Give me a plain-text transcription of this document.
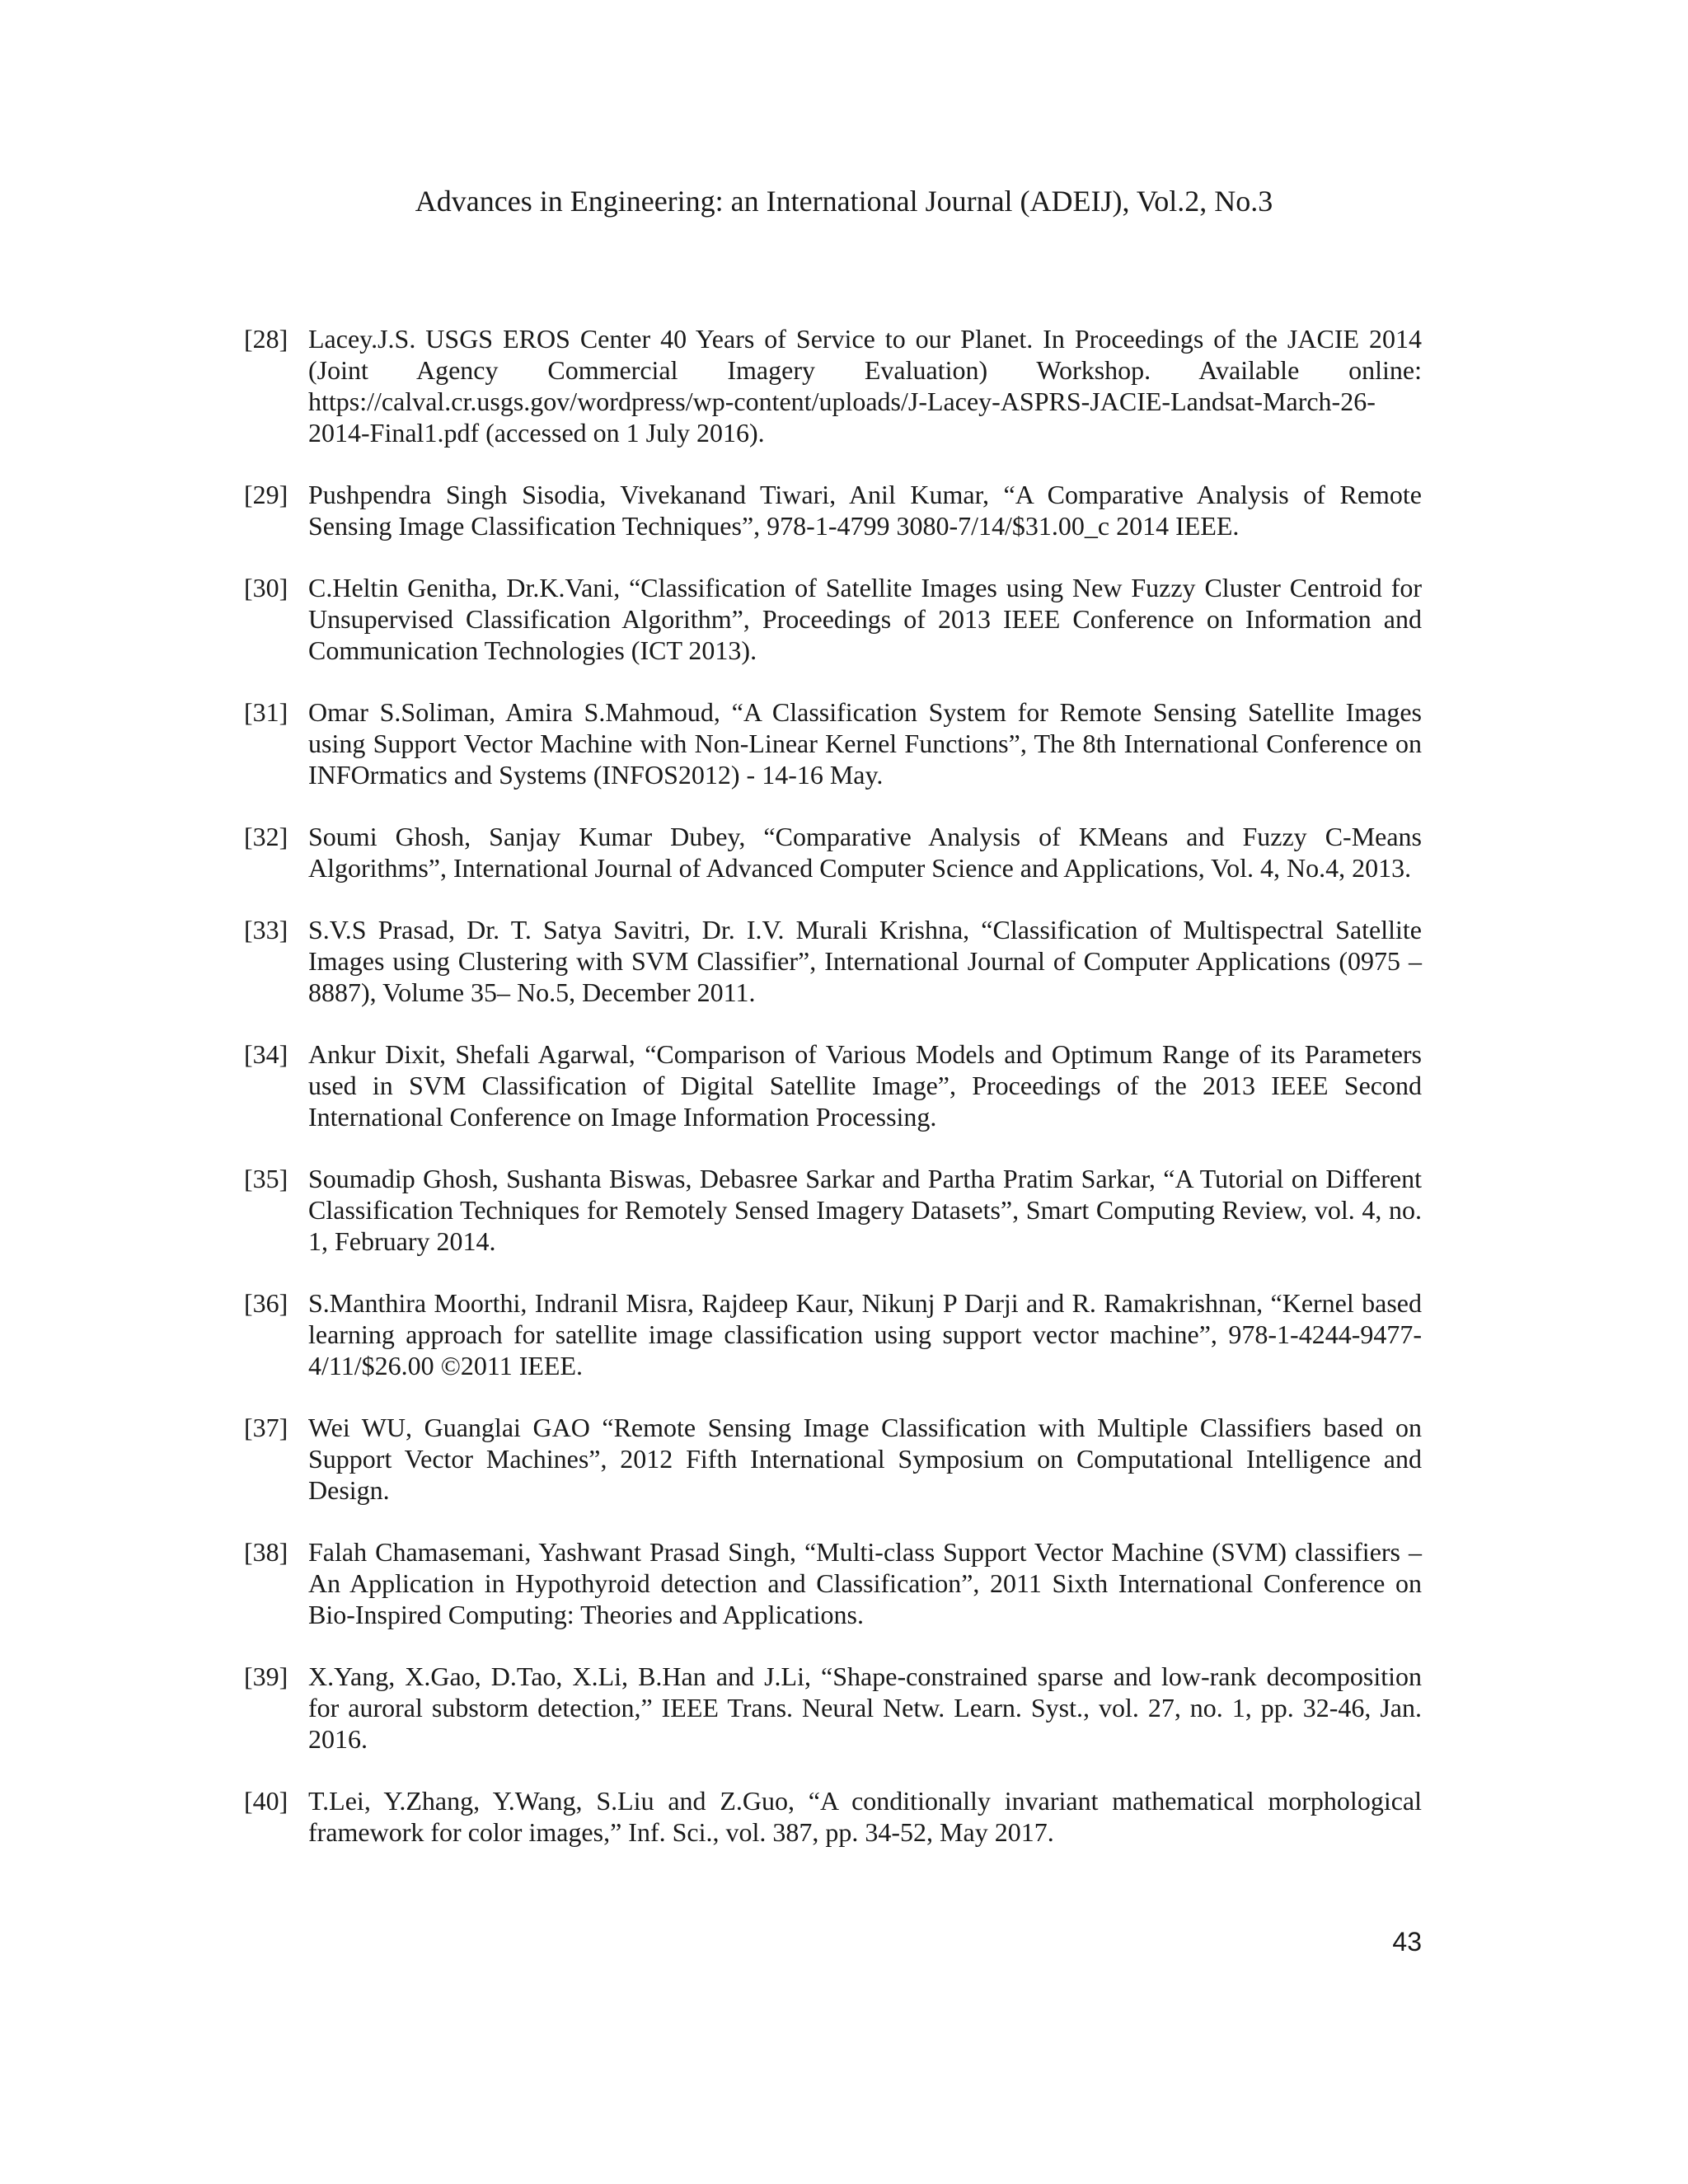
Advances in Engineering: an International Journal (ADEIJ), Vol.2, No.3
[28] Lacey.J.S. USGS EROS Center 40 Years of Service to our Planet. In Proceedings of the JACIE 2014 (Joint Agency Commercial Imagery Evaluation) Workshop. Available online: https://calval.cr.usgs.gov/wordpress/wp-content/uploads/J-Lacey-ASPRS-JACIE-Landsat-March-26-2014-Final1.pdf (accessed on 1 July 2016).
[29] Pushpendra Singh Sisodia, Vivekanand Tiwari, Anil Kumar, “A Comparative Analysis of Remote Sensing Image Classification Techniques”, 978-1-4799 3080-7/14/$31.00_c 2014 IEEE.
[30] C.Heltin Genitha, Dr.K.Vani, “Classification of Satellite Images using New Fuzzy Cluster Centroid for Unsupervised Classification Algorithm”, Proceedings of 2013 IEEE Conference on Information and Communication Technologies (ICT 2013).
[31] Omar S.Soliman, Amira S.Mahmoud, “A Classification System for Remote Sensing Satellite Images using Support Vector Machine with Non-Linear Kernel Functions”, The 8th International Conference on INFOrmatics and Systems (INFOS2012) - 14-16 May.
[32] Soumi Ghosh, Sanjay Kumar Dubey, “Comparative Analysis of KMeans and Fuzzy C-Means Algorithms”, International Journal of Advanced Computer Science and Applications, Vol. 4, No.4, 2013.
[33] S.V.S Prasad, Dr. T. Satya Savitri, Dr. I.V. Murali Krishna, “Classification of Multispectral Satellite Images using Clustering with SVM Classifier”, International Journal of Computer Applications (0975 – 8887), Volume 35– No.5, December 2011.
[34] Ankur Dixit, Shefali Agarwal, “Comparison of Various Models and Optimum Range of its Parameters used in SVM Classification of Digital Satellite Image”, Proceedings of the 2013 IEEE Second International Conference on Image Information Processing.
[35] Soumadip Ghosh, Sushanta Biswas, Debasree Sarkar and Partha Pratim Sarkar, “A Tutorial on Different Classification Techniques for Remotely Sensed Imagery Datasets”, Smart Computing Review, vol. 4, no. 1, February 2014.
[36] S.Manthira Moorthi, Indranil Misra, Rajdeep Kaur, Nikunj P Darji and R. Ramakrishnan, “Kernel based learning approach for satellite image classification using support vector machine”, 978-1-4244-9477-4/11/$26.00 ©2011 IEEE.
[37] Wei WU, Guanglai GAO “Remote Sensing Image Classification with Multiple Classifiers based on Support Vector Machines”, 2012 Fifth International Symposium on Computational Intelligence and Design.
[38] Falah Chamasemani, Yashwant Prasad Singh, “Multi-class Support Vector Machine (SVM) classifiers – An Application in Hypothyroid detection and Classification”, 2011 Sixth International Conference on Bio-Inspired Computing: Theories and Applications.
[39] X.Yang, X.Gao, D.Tao, X.Li, B.Han and J.Li, “Shape-constrained sparse and low-rank decomposition for auroral substorm detection,” IEEE Trans. Neural Netw. Learn. Syst., vol. 27, no. 1, pp. 32-46, Jan. 2016.
[40] T.Lei, Y.Zhang, Y.Wang, S.Liu and Z.Guo, “A conditionally invariant mathematical morphological framework for color images,” Inf. Sci., vol. 387, pp. 34-52, May 2017.
43
